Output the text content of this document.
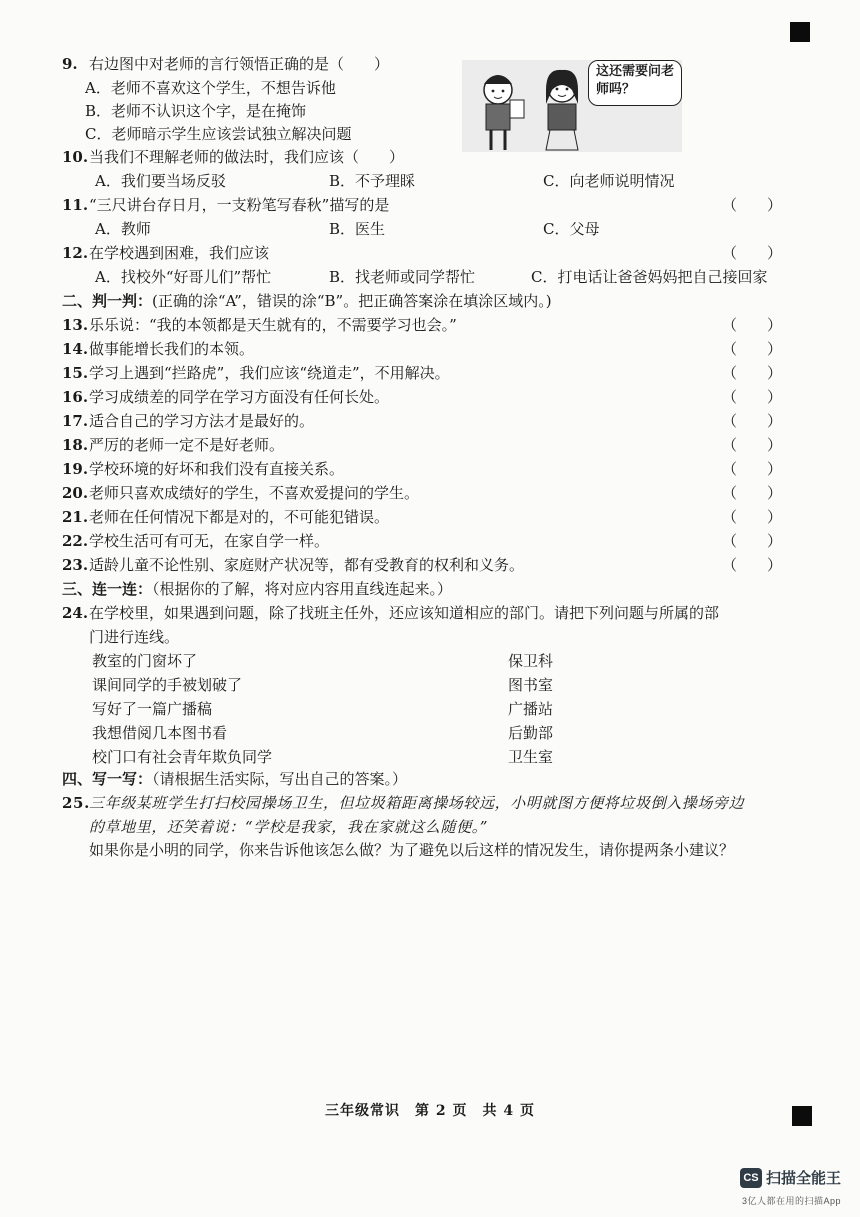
9. 右边图中对老师的言行领悟正确的是（　　）
A．老师不喜欢这个学生，不想告诉他
B．老师不认识这个字，是在掩饰
C．老师暗示学生应该尝试独立解决问题
这还需要问老师吗？
10.当我们不理解老师的做法时，我们应该（　　）
A．我们要当场反驳	B．不予理睬	C．向老师说明情况
11.“三尺讲台存日月，一支粉笔写春秋”描写的是	（　　）
A．教师	B．医生	C．父母
12.在学校遇到困难，我们应该	（　　）
A．找校外“好哥儿们”帮忙	B．找老师或同学帮忙	C．打电话让爸爸妈妈把自己接回家
二、判一判：(正确的涂“A”，错误的涂“B”。把正确答案涂在填涂区域内。)
13.乐乐说：“我的本领都是天生就有的，不需要学习也会。”	（　　）
14.做事能增长我们的本领。	（　　）
15.学习上遇到“拦路虎”，我们应该“绕道走”，不用解决。	（　　）
16.学习成绩差的同学在学习方面没有任何长处。	（　　）
17.适合自己的学习方法才是最好的。	（　　）
18.严厉的老师一定不是好老师。	（　　）
19.学校环境的好坏和我们没有直接关系。	（　　）
20.老师只喜欢成绩好的学生，不喜欢爱提问的学生。	（　　）
21.老师在任何情况下都是对的，不可能犯错误。	（　　）
22.学校生活可有可无，在家自学一样。	（　　）
23.适龄儿童不论性别、家庭财产状况等，都有受教育的权利和义务。	（　　）
三、连一连：（根据你的了解，将对应内容用直线连起来。）
24.在学校里，如果遇到问题，除了找班主任外，还应该知道相应的部门。请把下列问题与所属的部
门进行连线。
教室的门窗坏了
课间同学的手被划破了
写好了一篇广播稿
我想借阅几本图书看
校门口有社会青年欺负同学
保卫科
图书室
广播站
后勤部
卫生室
四、写一写：（请根据生活实际，写出自己的答案。）
25.三年级某班学生打扫校园操场卫生，但垃圾箱距离操场较远，小明就图方便将垃圾倒入操场旁边
的草地里，还笑着说：“学校是我家，我在家就这么随便。”
如果你是小明的同学，你来告诉他该怎么做？为了避免以后这样的情况发生，请你提两条小建议？
三年级常识　第 2 页　共 4 页
CS 扫描全能王
3亿人都在用的扫描App
